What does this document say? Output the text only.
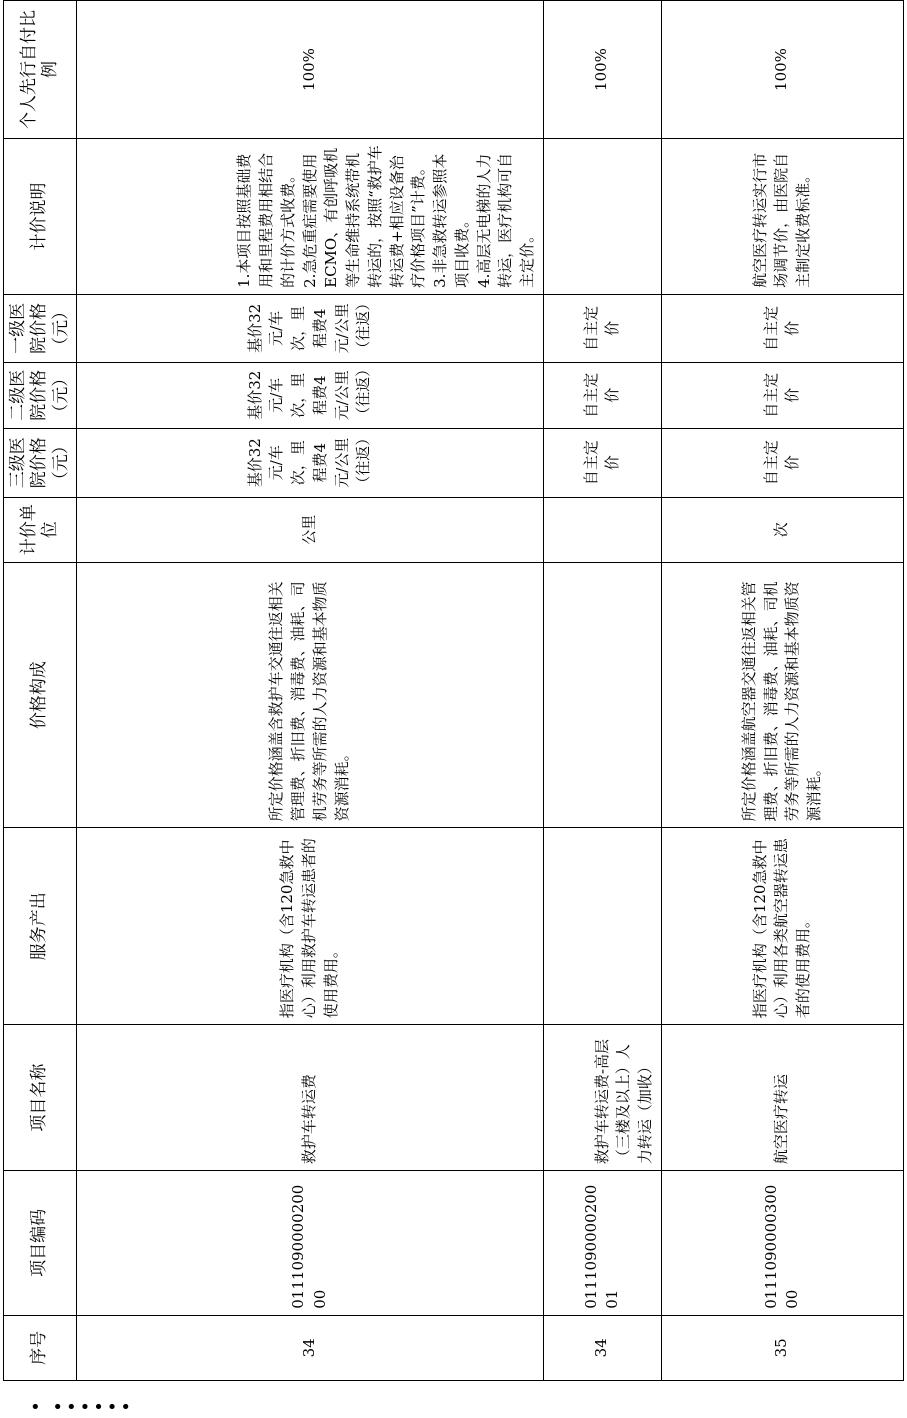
序号	项目编码	项目名称	服务产出	价格构成	计价单位	三级医院价格（元）	二级医院价格（元）	一级医院价格（元）	计价说明	个人先行自付比例
34	011109000020000	救护车转运费	指医疗机构（含120急救中心）利用救护车转运患者的使用费用。	所定价格涵盖含救护车交通往返相关管理费、折旧费、消毒费、油耗、司机劳务等所需的人力资源和基本物质资源消耗。	公里	基价32元/车次，里程费4元/公里（往返）	基价32元/车次，里程费4元/公里（往返）	基价32元/车次，里程费4元/公里（往返）	1.本项目按照基础费用和里程费用相结合的计价方式收费。
2.急危重症需要使用ECMO、有创呼吸机等生命维持系统带机转运的，按照“救护车转运费+相应设备治疗价格项目”计费。
3.非急救转运参照本项目收费。
4.高层无电梯的人力转运，医疗机构可自主定价。	100%
34	011109000020001	救护车转运费-高层（三楼及以上）人力转运（加收）				自主定价	自主定价	自主定价		100%
35	011109000030000	航空医疗转运	指医疗机构（含120急救中心）利用各类航空器转运患者的使用费用。	所定价格涵盖航空器交通往返相关管理费、折旧费、消毒费、油耗、司机劳务等所需的人力资源和基本物质资源消耗。	次	自主定价	自主定价	自主定价	航空医疗转运实行市场调节价，由医院自主制定收费标准。	100%
• ••••••
